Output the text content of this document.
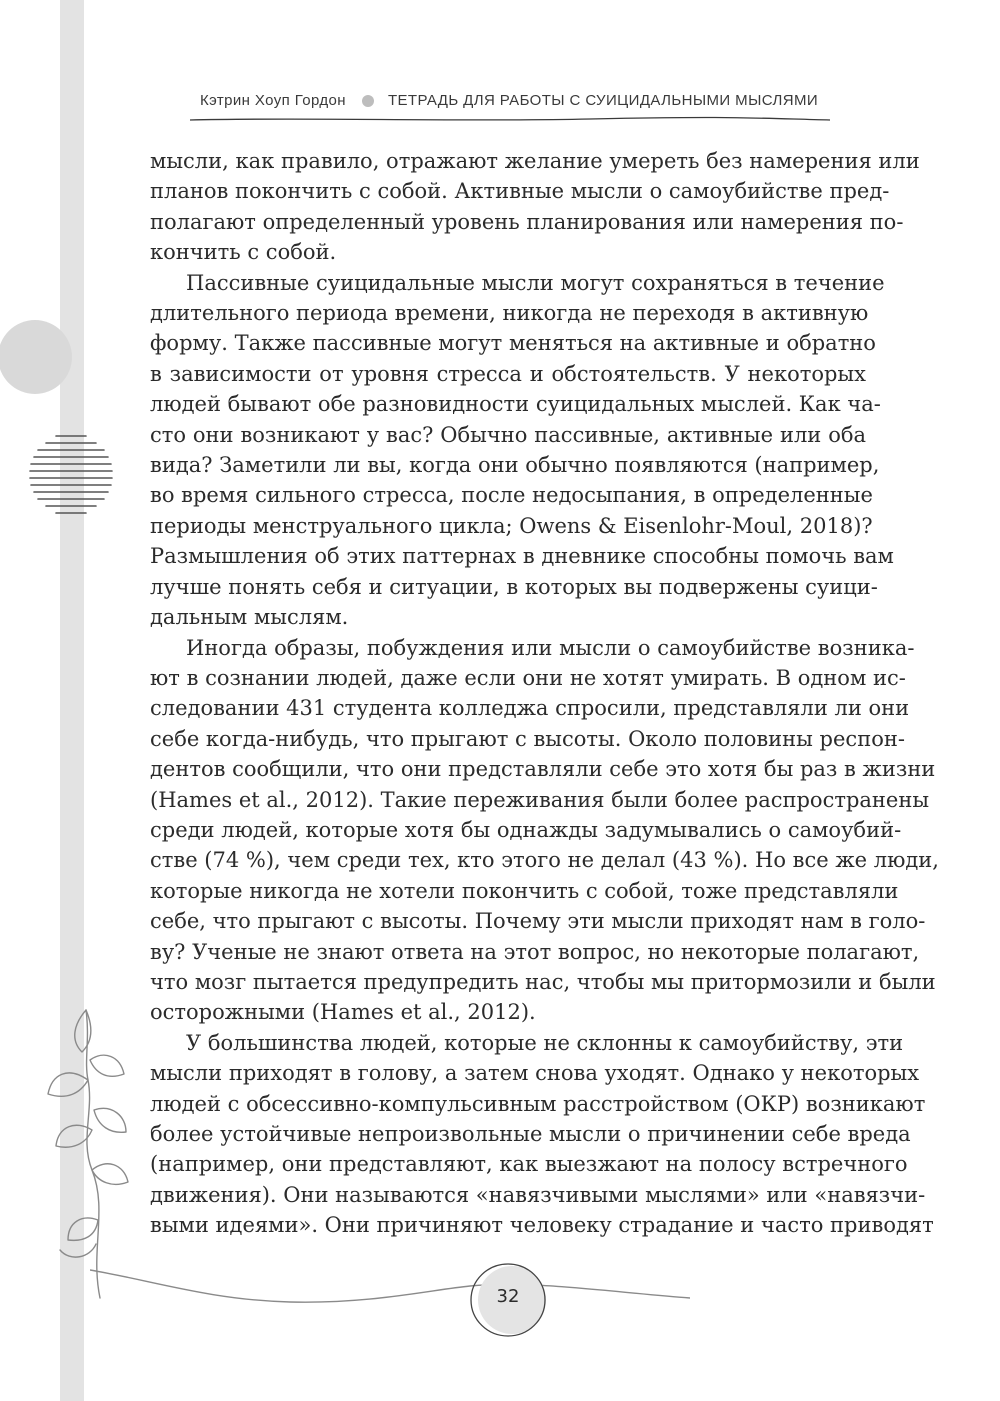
Кэтрин Хоуп Гордон	ТЕТРАДЬ ДЛЯ РАБОТЫ С СУИЦИДАЛЬНЫМИ МЫСЛЯМИ
мысли, как правило, отражают желание умереть без намерения или
планов покончить с собой. Активные мысли о самоубийстве пред-
полагают определенный уровень планирования или намерения по-
кончить с собой.
Пассивные суицидальные мысли могут сохраняться в течение
длительного периода времени, никогда не переходя в активную
форму. Также пассивные могут меняться на активные и обратно
в зависимости от уровня стресса и обстоятельств. У некоторых
людей бывают обе разновидности суицидальных мыслей. Как ча-
сто они возникают у вас? Обычно пассивные, активные или оба
вида? Заметили ли вы, когда они обычно появляются (например,
во время сильного стресса, после недосыпания, в определенные
периоды менструального цикла; Owens & Eisenlohr-Moul, 2018)?
Размышления об этих паттернах в дневнике способны помочь вам
лучше понять себя и ситуации, в которых вы подвержены суици-
дальным мыслям.
Иногда образы, побуждения или мысли о самоубийстве возника-
ют в сознании людей, даже если они не хотят умирать. В одном ис-
следовании 431 студента колледжа спросили, представляли ли они
себе когда-нибудь, что прыгают с высоты. Около половины респон-
дентов сообщили, что они представляли себе это хотя бы раз в жизни
(Hames et al., 2012). Такие переживания были более распространены
среди людей, которые хотя бы однажды задумывались о самоубий-
стве (74 %), чем среди тех, кто этого не делал (43 %). Но все же люди,
которые никогда не хотели покончить с собой, тоже представляли
себе, что прыгают с высоты. Почему эти мысли приходят нам в голо-
ву? Ученые не знают ответа на этот вопрос, но некоторые полагают,
что мозг пытается предупредить нас, чтобы мы притормозили и были
осторожными (Hames et al., 2012).
У большинства людей, которые не склонны к самоубийству, эти
мысли приходят в голову, а затем снова уходят. Однако у некоторых
людей с обсессивно-компульсивным расстройством (ОКР) возникают
более устойчивые непроизвольные мысли о причинении себе вреда
(например, они представляют, как выезжают на полосу встречного
движения). Они называются «навязчивыми мыслями» или «навязчи-
выми идеями». Они причиняют человеку страдание и часто приводят
32
